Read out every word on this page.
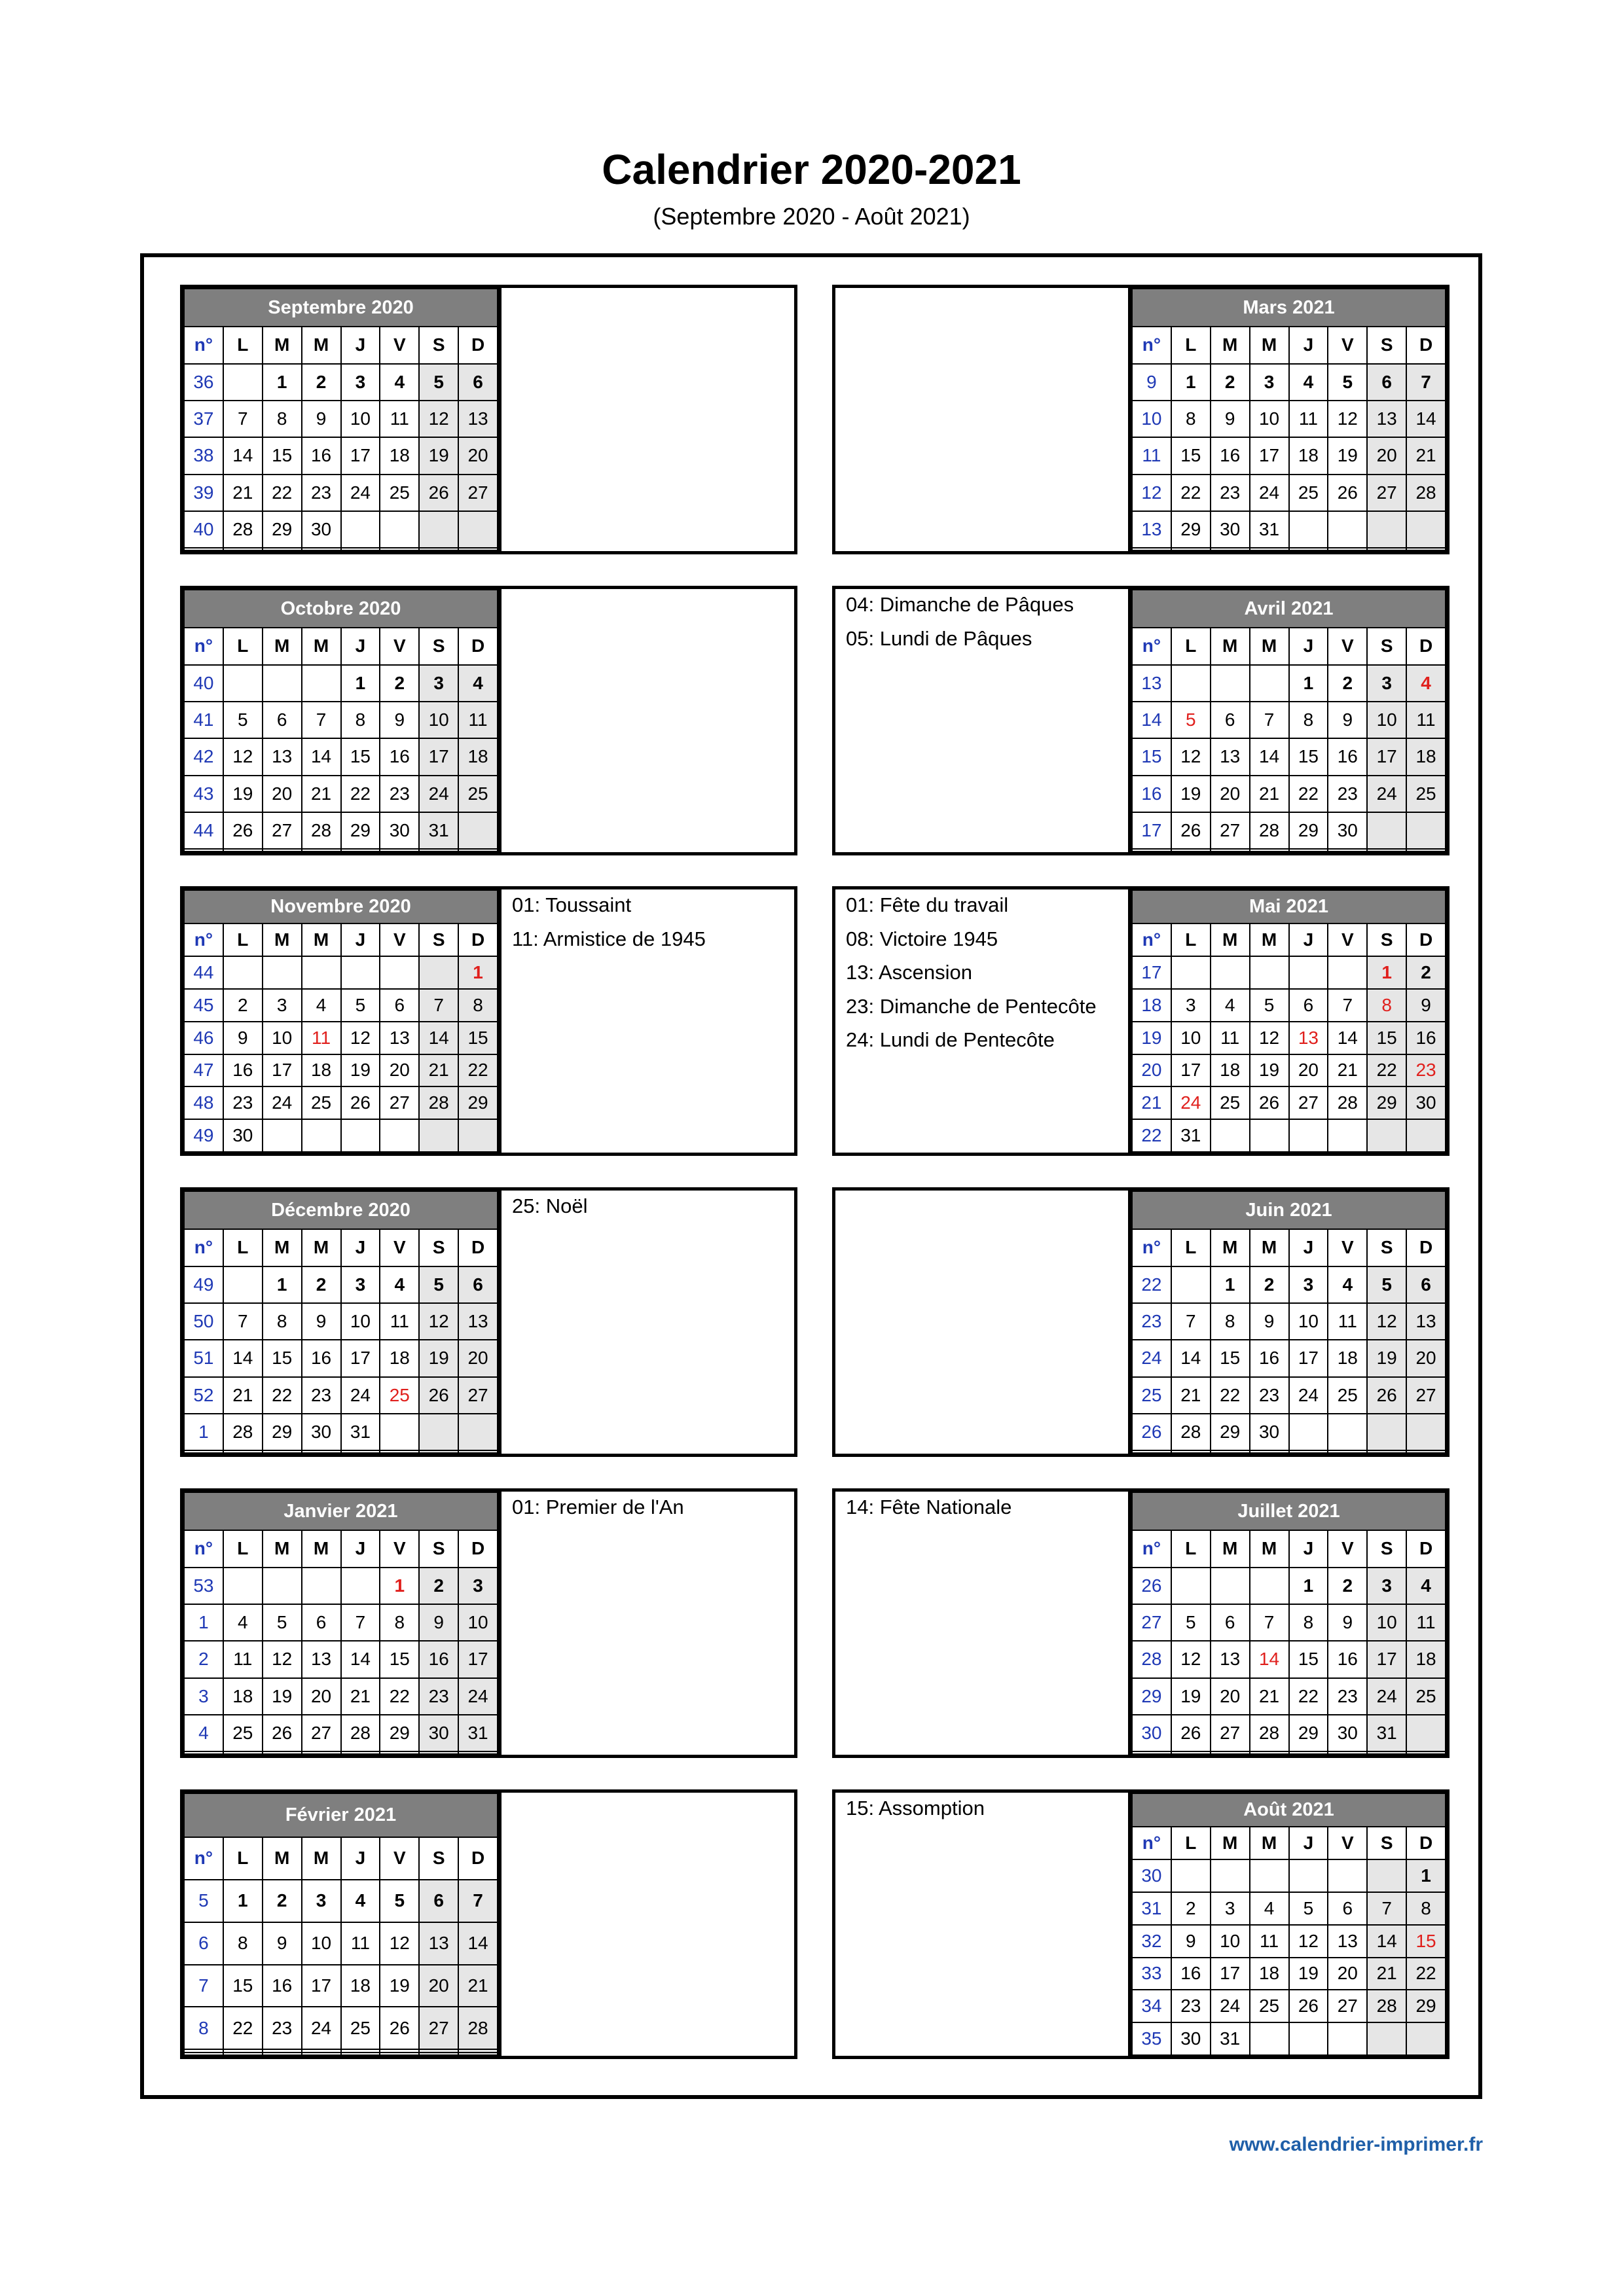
Calendrier 2020-2021
(Septembre 2020 - Août 2021)
Septembre 2020							
n°	L	M	M	J	V	S	D
36		1	2	3	4	5	6
37	7	8	9	10	11	12	13
38	14	15	16	17	18	19	20
39	21	22	23	24	25	26	27
40	28	29	30				

Mars 2021							
n°	L	M	M	J	V	S	D
9	1	2	3	4	5	6	7
10	8	9	10	11	12	13	14
11	15	16	17	18	19	20	21
12	22	23	24	25	26	27	28
13	29	30	31				

Octobre 2020							
n°	L	M	M	J	V	S	D
40				1	2	3	4
41	5	6	7	8	9	10	11
42	12	13	14	15	16	17	18
43	19	20	21	22	23	24	25
44	26	27	28	29	30	31	

04: Dimanche de Pâques
05: Lundi de Pâques
Avril 2021							
n°	L	M	M	J	V	S	D
13				1	2	3	4
14	5	6	7	8	9	10	11
15	12	13	14	15	16	17	18
16	19	20	21	22	23	24	25
17	26	27	28	29	30		

Novembre 2020							
n°	L	M	M	J	V	S	D
44							1
45	2	3	4	5	6	7	8
46	9	10	11	12	13	14	15
47	16	17	18	19	20	21	22
48	23	24	25	26	27	28	29
49	30						
01: Toussaint
11: Armistice de 1945
01: Fête du travail
08: Victoire 1945
13: Ascension
23: Dimanche de Pentecôte
24: Lundi de Pentecôte
Mai 2021							
n°	L	M	M	J	V	S	D
17						1	2
18	3	4	5	6	7	8	9
19	10	11	12	13	14	15	16
20	17	18	19	20	21	22	23
21	24	25	26	27	28	29	30
22	31						
Décembre 2020							
n°	L	M	M	J	V	S	D
49		1	2	3	4	5	6
50	7	8	9	10	11	12	13
51	14	15	16	17	18	19	20
52	21	22	23	24	25	26	27
1	28	29	30	31			

25: Noël	Juin 2021							
n°	L	M	M	J	V	S	D
22		1	2	3	4	5	6
23	7	8	9	10	11	12	13
24	14	15	16	17	18	19	20
25	21	22	23	24	25	26	27
26	28	29	30				

Janvier 2021							
n°	L	M	M	J	V	S	D
53					1	2	3
1	4	5	6	7	8	9	10
2	11	12	13	14	15	16	17
3	18	19	20	21	22	23	24
4	25	26	27	28	29	30	31

01: Premier de l'An	14: Fête Nationale	Juillet 2021							
n°	L	M	M	J	V	S	D
26				1	2	3	4
27	5	6	7	8	9	10	11
28	12	13	14	15	16	17	18
29	19	20	21	22	23	24	25
30	26	27	28	29	30	31	

Février 2021							
n°	L	M	M	J	V	S	D
5	1	2	3	4	5	6	7
6	8	9	10	11	12	13	14
7	15	16	17	18	19	20	21
8	22	23	24	25	26	27	28

15: Assomption	Août 2021							
n°	L	M	M	J	V	S	D
30							1
31	2	3	4	5	6	7	8
32	9	10	11	12	13	14	15
33	16	17	18	19	20	21	22
34	23	24	25	26	27	28	29
35	30	31					
www.calendrier-imprimer.fr
